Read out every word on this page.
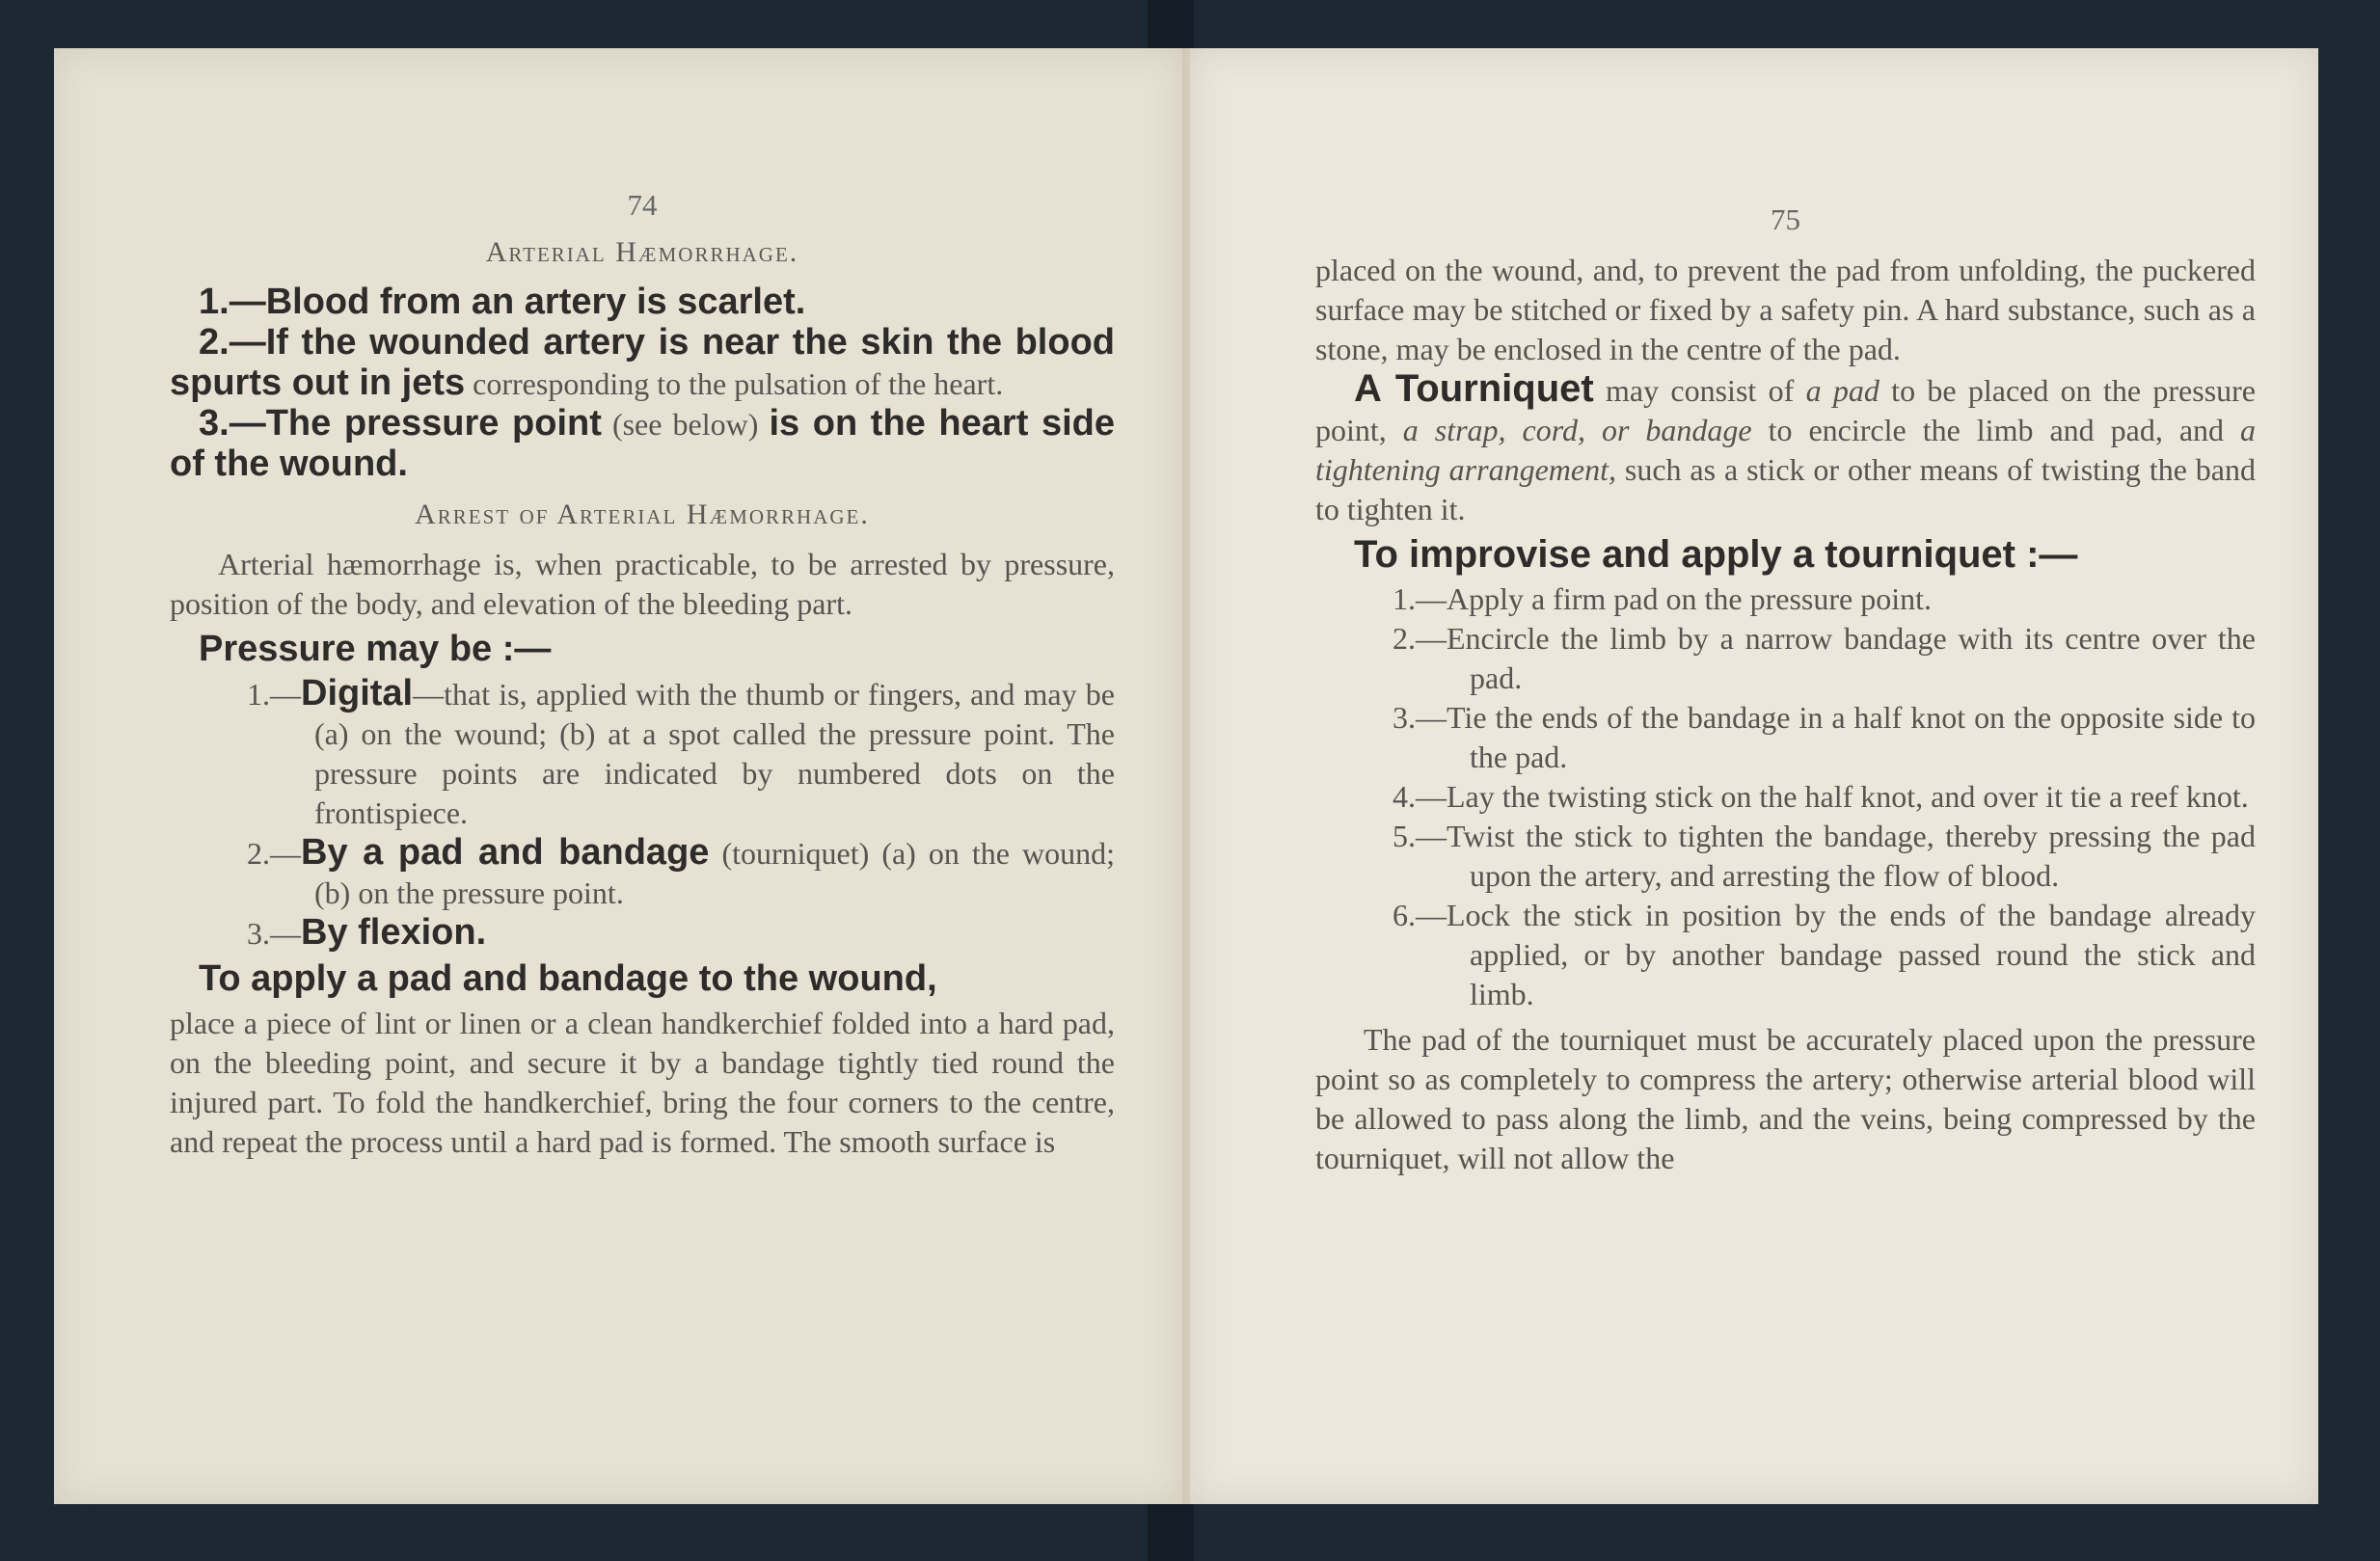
74

Arterial Hæmorrhage.

1.—Blood from an artery is scarlet.

2.—If the wounded artery is near the skin the blood spurts out in jets corresponding to the pulsation of the heart.

3.—The pressure point (see below) is on the heart side of the wound.

Arrest of Arterial Hæmorrhage.

Arterial hæmorrhage is, when practicable, to be arrested by pressure, position of the body, and elevation of the bleeding part.

Pressure may be :—

1.—Digital—that is, applied with the thumb or fingers, and may be (a) on the wound; (b) at a spot called the pressure point. The pressure points are indicated by numbered dots on the frontispiece.

2.—By a pad and bandage (tourniquet) (a) on the wound; (b) on the pressure point.

3.—By flexion.

To apply a pad and bandage to the wound,

place a piece of lint or linen or a clean handkerchief folded into a hard pad, on the bleeding point, and secure it by a bandage tightly tied round the injured part. To fold the handkerchief, bring the four corners to the centre, and repeat the process until a hard pad is formed. The smooth surface is

75

placed on the wound, and, to prevent the pad from unfolding, the puckered surface may be stitched or fixed by a safety pin. A hard substance, such as a stone, may be enclosed in the centre of the pad.

A Tourniquet may consist of a pad to be placed on the pressure point, a strap, cord, or bandage to encircle the limb and pad, and a tightening arrangement, such as a stick or other means of twisting the band to tighten it.

To improvise and apply a tourniquet :—

1.—Apply a firm pad on the pressure point.

2.—Encircle the limb by a narrow bandage with its centre over the pad.

3.—Tie the ends of the bandage in a half knot on the opposite side to the pad.

4.—Lay the twisting stick on the half knot, and over it tie a reef knot.

5.—Twist the stick to tighten the bandage, thereby pressing the pad upon the artery, and arresting the flow of blood.

6.—Lock the stick in position by the ends of the bandage already applied, or by another bandage passed round the stick and limb.

The pad of the tourniquet must be accurately placed upon the pressure point so as completely to compress the artery; otherwise arterial blood will be allowed to pass along the limb, and the veins, being compressed by the tourniquet, will not allow the
